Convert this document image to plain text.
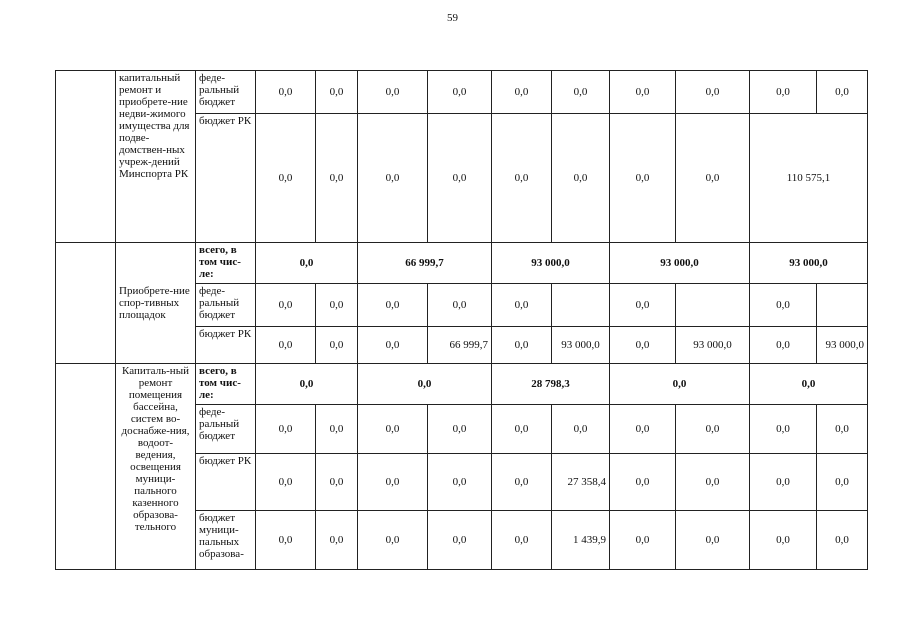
59
	капитальный ремонт и приобрете-ние недви-жимого имущества для подве-домствен-ных учреж-дений Минспорта РК	феде-ральный бюджет	0,0	0,0	0,0	0,0	0,0	0,0	0,0	0,0	0,0	0,0
		бюджет РК	0,0	0,0	0,0	0,0	0,0	0,0	0,0	0,0	110 575,1	
	Приобрете-ние спор-тивных площадок	всего, в том чис-ле:	0,0		66 999,7		93 000,0		93 000,0		93 000,0	
		феде-ральный бюджет	0,0	0,0	0,0	0,0	0,0		0,0		0,0	
		бюджет РК	0,0	0,0	0,0	66 999,7	0,0	93 000,0	0,0	93 000,0	0,0	93 000,0
	Капиталь-ный ремонт помещения бассейна, систем во-доснабже-ния, водоот-ведения, освещения муници-пального казенного образова-тельного	всего, в том чис-ле:	0,0		0,0		28 798,3		0,0		0,0	
		феде-ральный бюджет	0,0	0,0	0,0	0,0	0,0	0,0	0,0	0,0	0,0	0,0
		бюджет РК	0,0	0,0	0,0	0,0	0,0	27 358,4	0,0	0,0	0,0	0,0
		бюджет муници-пальных образова-	0,0	0,0	0,0	0,0	0,0	1 439,9	0,0	0,0	0,0	0,0
